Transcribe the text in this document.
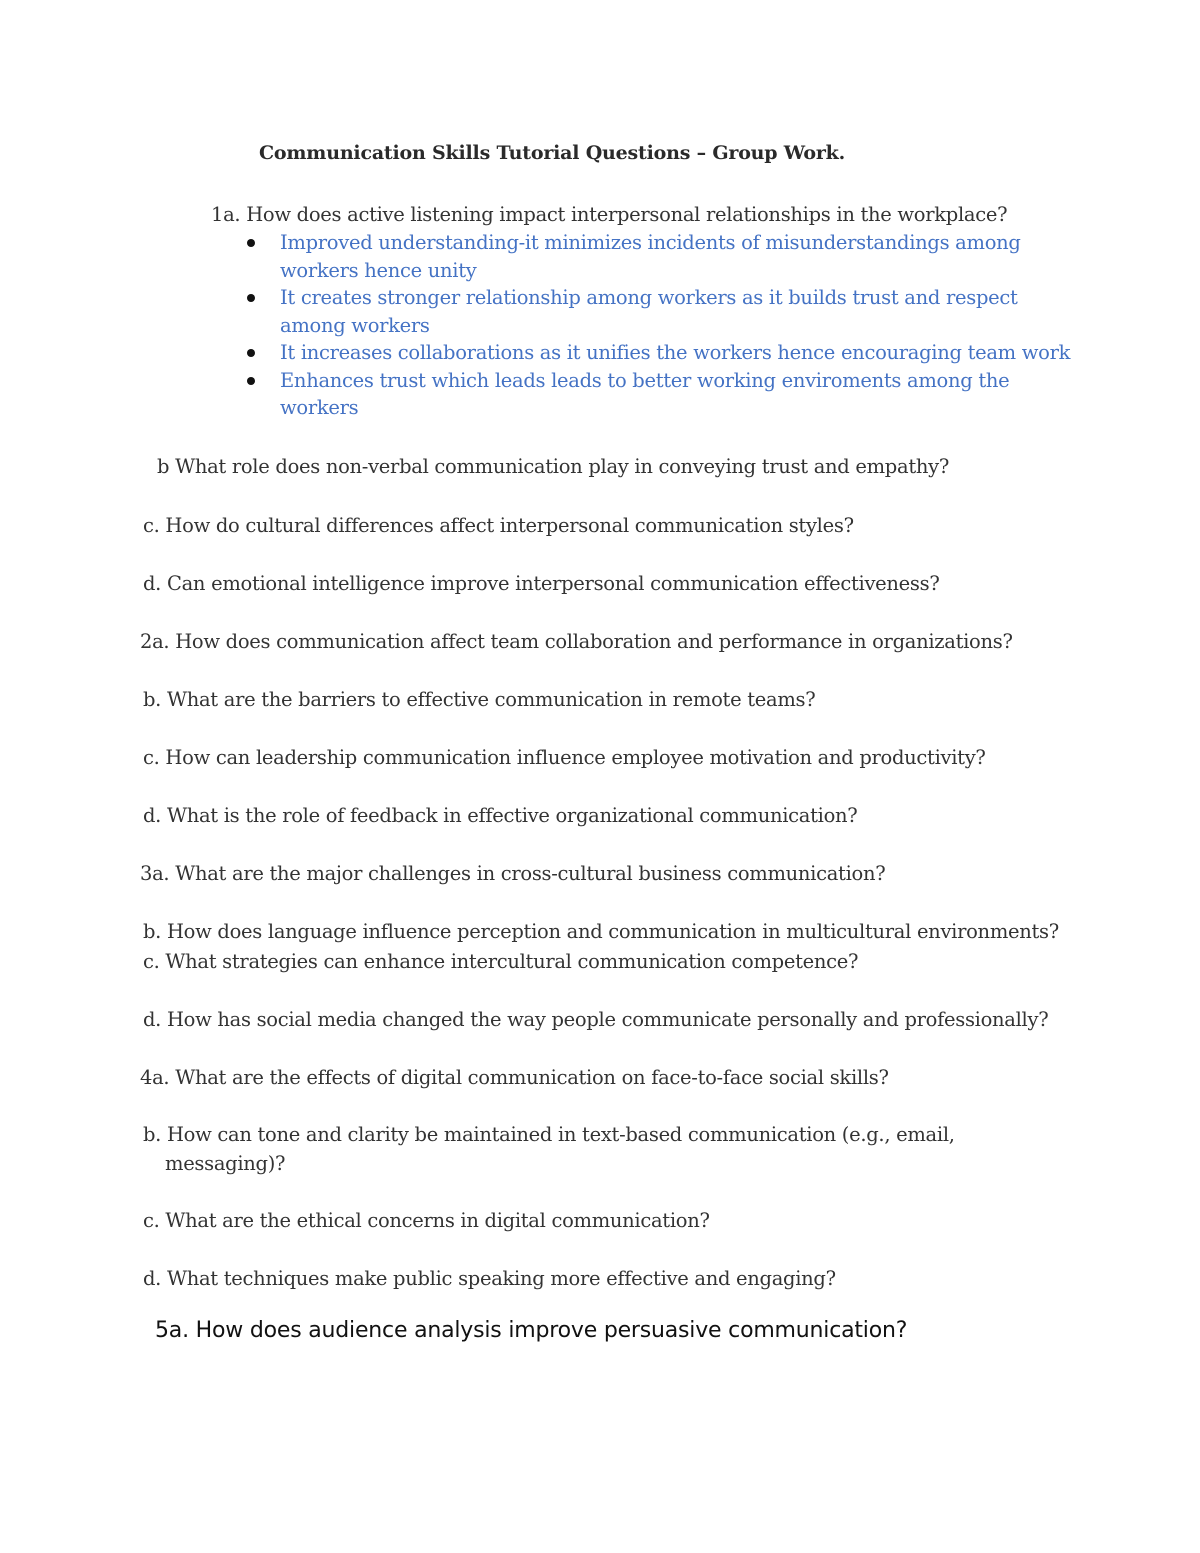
Communication Skills Tutorial Questions – Group Work.
1a. How does active listening impact interpersonal relationships in the workplace?
Improved understanding-it minimizes incidents of misunderstandings among workers hence unity
It creates stronger relationship among workers as it builds trust and respect among workers
It increases collaborations as it unifies the workers hence encouraging team work
Enhances trust which leads leads to better working enviroments among the workers
b What role does non-verbal communication play in conveying trust and empathy?
c. How do cultural differences affect interpersonal communication styles?
d. Can emotional intelligence improve interpersonal communication effectiveness?
2a. How does communication affect team collaboration and performance in organizations?
b. What are the barriers to effective communication in remote teams?
c. How can leadership communication influence employee motivation and productivity?
d. What is the role of feedback in effective organizational communication?
3a. What are the major challenges in cross-cultural business communication?
b. How does language influence perception and communication in multicultural environments?
c. What strategies can enhance intercultural communication competence?
d. How has social media changed the way people communicate personally and professionally?
4a. What are the effects of digital communication on face-to-face social skills?
b. How can tone and clarity be maintained in text-based communication (e.g., email,
messaging)?
c. What are the ethical concerns in digital communication?
d. What techniques make public speaking more effective and engaging?
5a. How does audience analysis improve persuasive communication?
